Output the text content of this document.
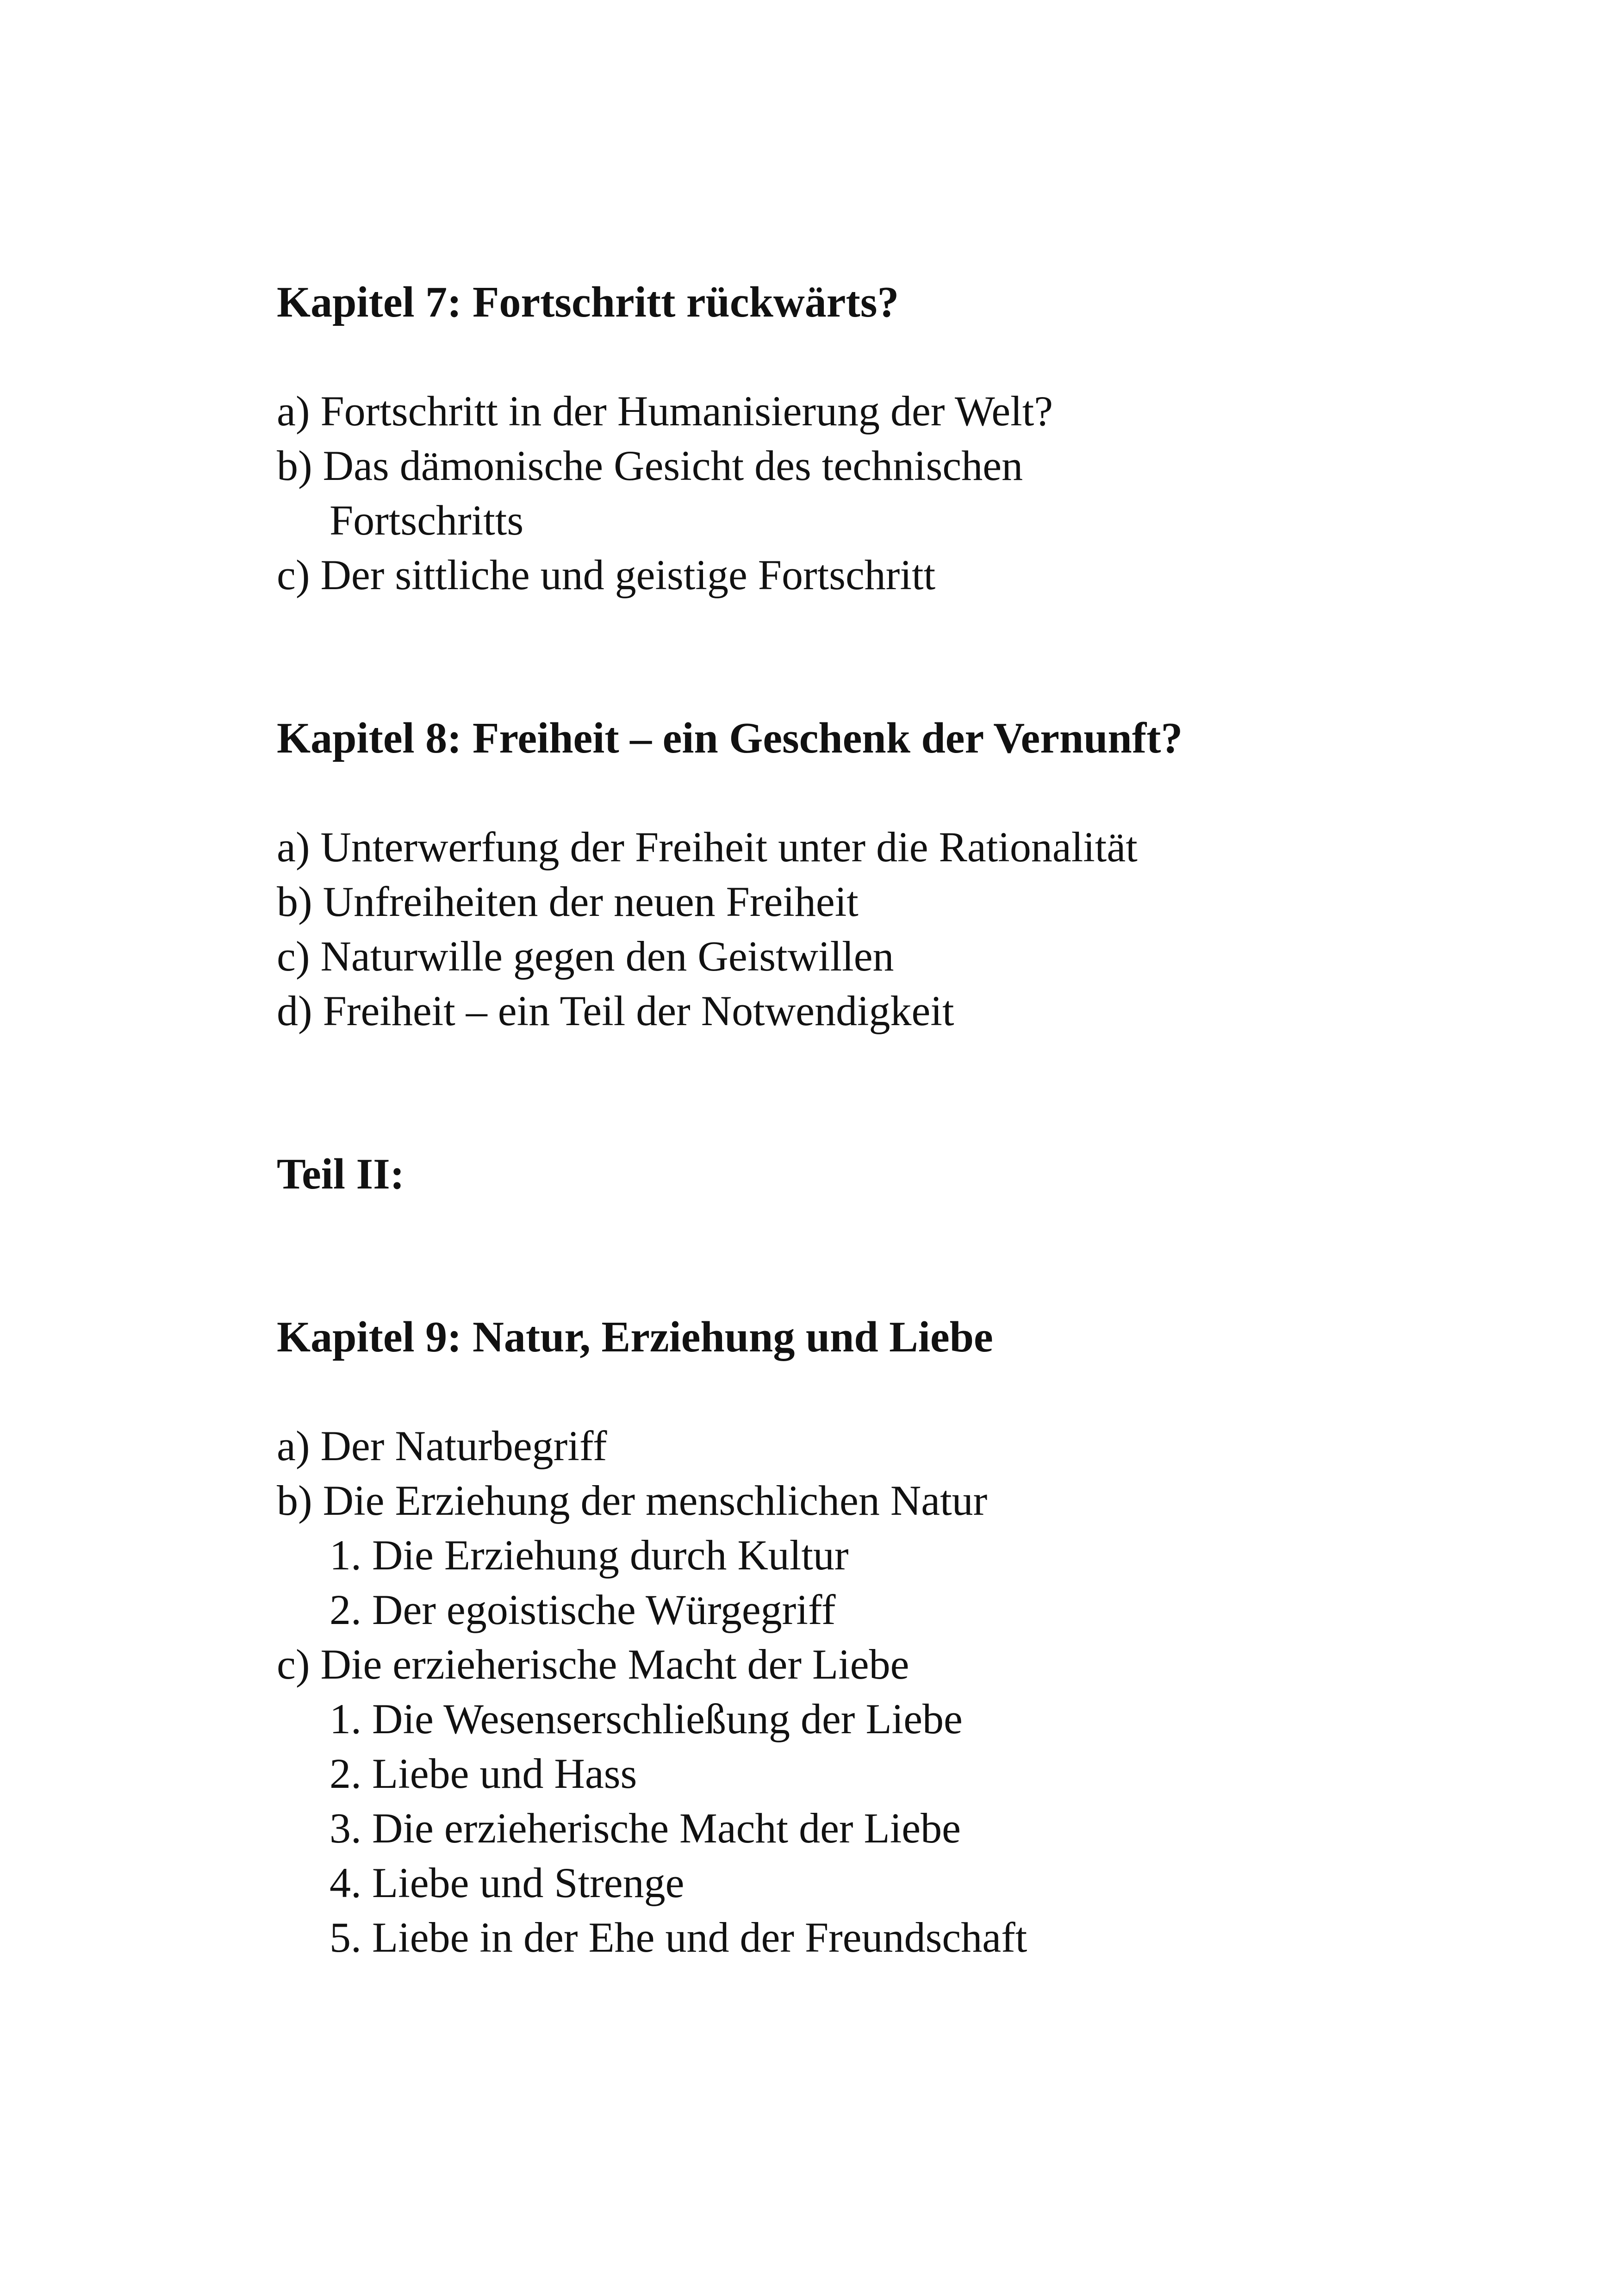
Kapitel 7: Fortschritt rückwärts?

a) Fortschritt in der Humanisierung der Welt?

b) Das dämonische Gesicht des technischen

Fortschritts

c) Der sittliche und geistige Fortschritt

Kapitel 8: Freiheit – ein Geschenk der Vernunft?

a) Unterwerfung der Freiheit unter die Rationalität

b) Unfreiheiten der neuen Freiheit

c) Naturwille gegen den Geistwillen

d) Freiheit – ein Teil der Notwendigkeit

Teil II:
Kapitel 9: Natur, Erziehung und Liebe

a) Der Naturbegriff

b) Die Erziehung der menschlichen Natur

1. Die Erziehung durch Kultur

2. Der egoistische Würgegriff

c) Die erzieherische Macht der Liebe

1. Die Wesenserschließung der Liebe

2. Liebe und Hass

3. Die erzieherische Macht der Liebe

4. Liebe und Strenge

5. Liebe in der Ehe und der Freundschaft
